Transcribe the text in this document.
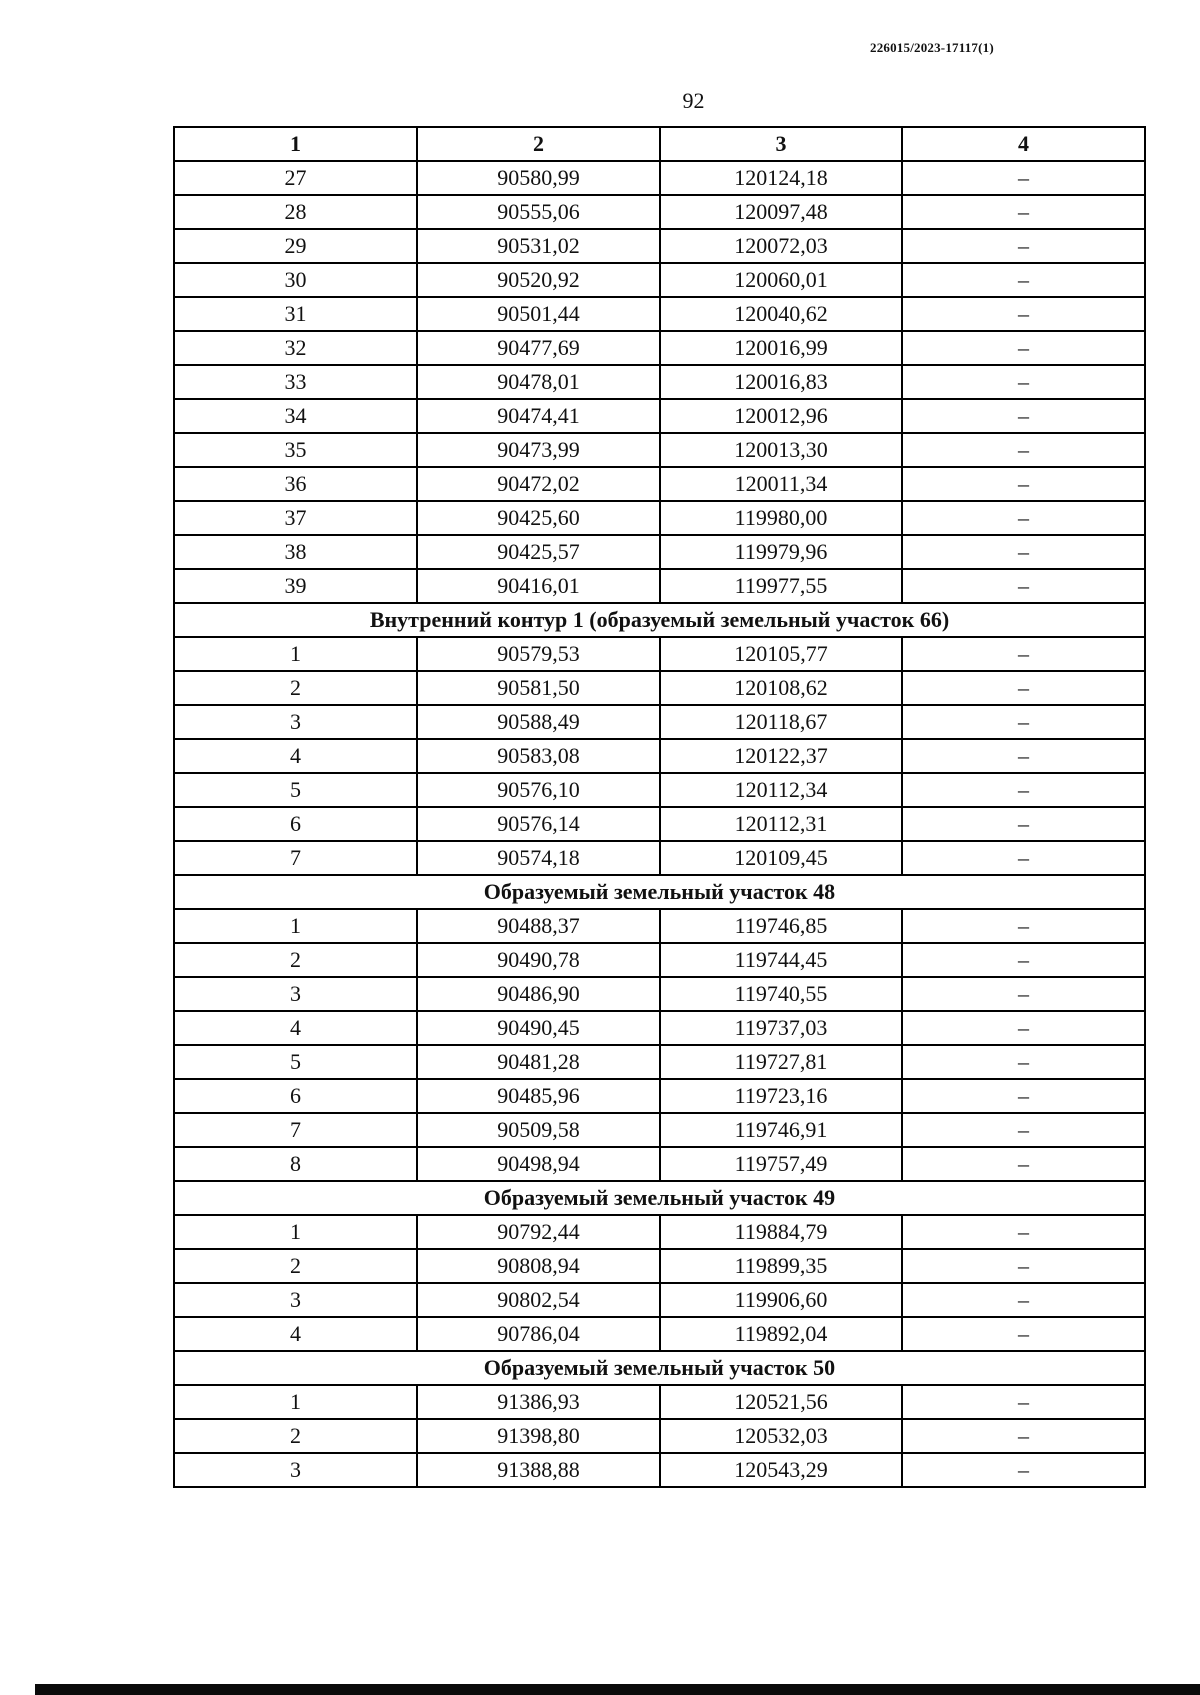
226015/2023-17117(1)
92
1	2	3	4
27	90580,99	120124,18	–
28	90555,06	120097,48	–
29	90531,02	120072,03	–
30	90520,92	120060,01	–
31	90501,44	120040,62	–
32	90477,69	120016,99	–
33	90478,01	120016,83	–
34	90474,41	120012,96	–
35	90473,99	120013,30	–
36	90472,02	120011,34	–
37	90425,60	119980,00	–
38	90425,57	119979,96	–
39	90416,01	119977,55	–
Внутренний контур 1 (образуемый земельный участок 66)			
1	90579,53	120105,77	–
2	90581,50	120108,62	–
3	90588,49	120118,67	–
4	90583,08	120122,37	–
5	90576,10	120112,34	–
6	90576,14	120112,31	–
7	90574,18	120109,45	–
Образуемый земельный участок 48			
1	90488,37	119746,85	–
2	90490,78	119744,45	–
3	90486,90	119740,55	–
4	90490,45	119737,03	–
5	90481,28	119727,81	–
6	90485,96	119723,16	–
7	90509,58	119746,91	–
8	90498,94	119757,49	–
Образуемый земельный участок 49			
1	90792,44	119884,79	–
2	90808,94	119899,35	–
3	90802,54	119906,60	–
4	90786,04	119892,04	–
Образуемый земельный участок 50			
1	91386,93	120521,56	–
2	91398,80	120532,03	–
3	91388,88	120543,29	–
